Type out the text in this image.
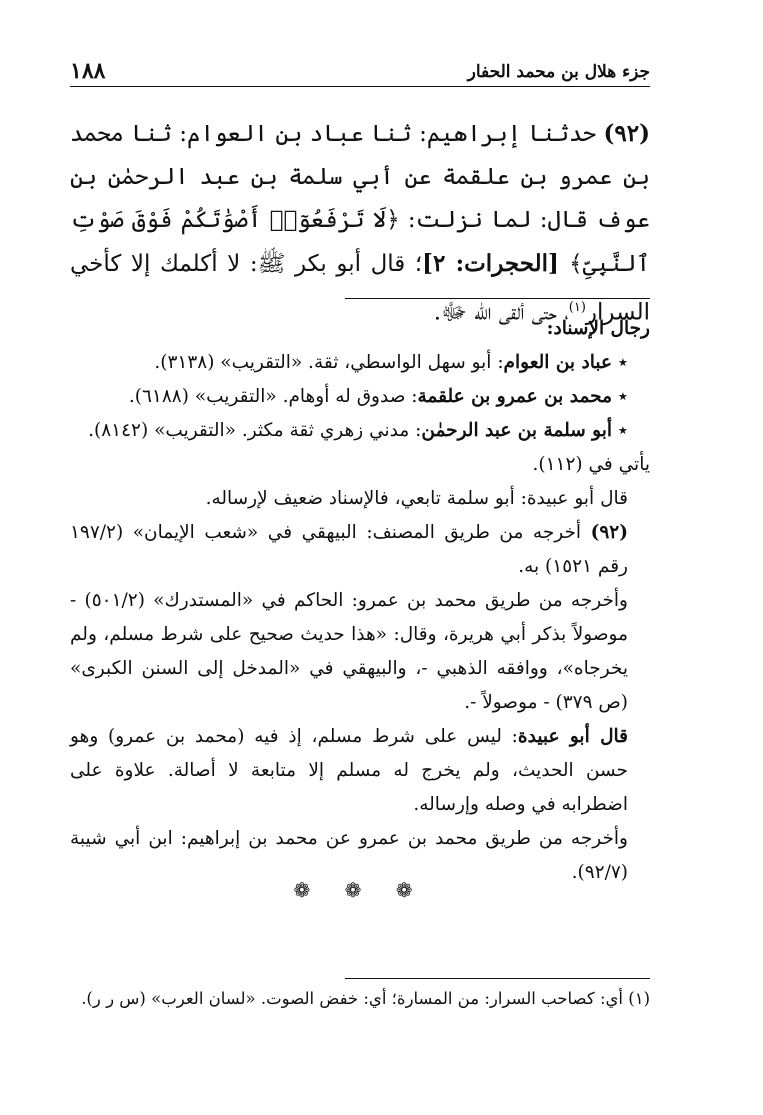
١٨٨	جزء هلال بن محمد الحفار

(٩٢) حدثنا إبراهيم: ثنا عباد بن العوام: ثنا محمد بن عمرو بن علقمة عن أبي سلمة بن عبد الرحمٰن بن عوف قال: لما نزلت: ﴿لَا تَرْفَعُوٓا۟ أَصْوَٰتَكُمْ فَوْقَ صَوْتِ ٱلنَّبِىِّ﴾ [الحجرات: ٢]؛ قال أبو بكر ﷺ: لا أكلمك إلا كأخي السرار$^{(١)}$، حتى ألقى الله ﷻ.

رجال الإسناد:

٭ عباد بن العوام: أبو سهل الواسطي، ثقة. «التقريب» (٣١٣٨).

٭ محمد بن عمرو بن علقمة: صدوق له أوهام. «التقريب» (٦١٨٨).

٭ أبو سلمة بن عبد الرحمٰن: مدني زهري ثقة مكثر. «التقريب» (٨١٤٢).

يأتي في (١١٢).

قال أبو عبيدة: أبو سلمة تابعي، فالإسناد ضعيف لإرساله.

(٩٢) أخرجه من طريق المصنف: البيهقي في «شعب الإيمان» (١٩٧/٢ رقم ١٥٢١) به.

وأخرجه من طريق محمد بن عمرو: الحاكم في «المستدرك» (٥٠١/٢) - موصولاً بذكر أبي هريرة، وقال: «هذا حديث صحيح على شرط مسلم، ولم يخرجاه»، ووافقه الذهبي -، والبيهقي في «المدخل إلى السنن الكبرى» (ص ٣٧٩) - موصولاً -.

قال أبو عبيدة: ليس على شرط مسلم، إذ فيه (محمد بن عمرو) وهو حسن الحديث، ولم يخرج له مسلم إلا متابعة لا أصالة. علاوة على اضطرابه في وصله وإرساله.

وأخرجه من طريق محمد بن عمرو عن محمد بن إبراهيم: ابن أبي شيبة (٩٢/٧).

❁ ❁ ❁

(١) أي: كصاحب السرار: من المسارة؛ أي: خفض الصوت. «لسان العرب» (س ر ر).
